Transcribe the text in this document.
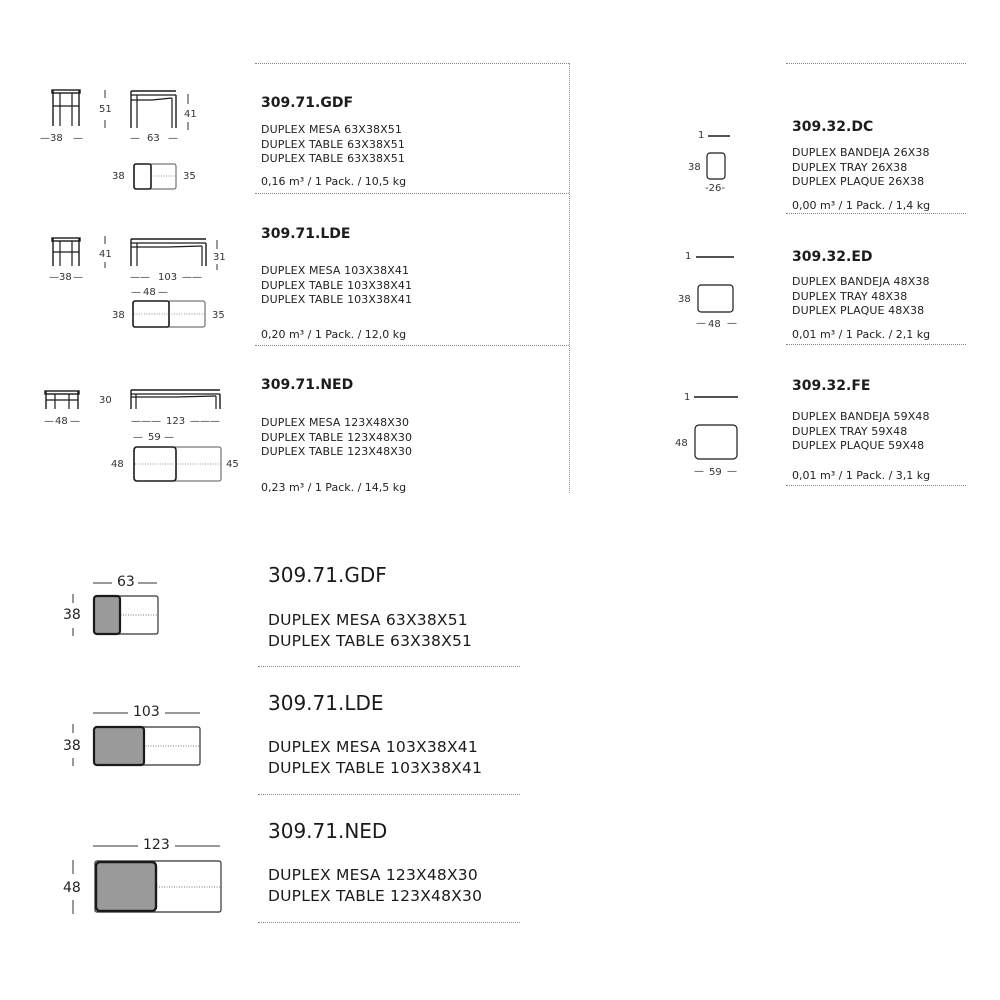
38
— —
51
63
—	—
41
38	35
309.71.GDF
DUPLEX MESA 63X38X51
DUPLEX TABLE 63X38X51
DUPLEX TABLE 63X38X51
0,16 m³ / 1 Pack. / 10,5 kg
38
— —
41
103
——	——
31
48
— —
38	35
309.71.LDE
DUPLEX MESA 103X38X41
DUPLEX TABLE 103X38X41
DUPLEX TABLE 103X38X41
0,20 m³ / 1 Pack. / 12,0 kg
48
— —
30
123
———	———
59
— —
48	45
309.71.NED
DUPLEX MESA 123X48X30
DUPLEX TABLE 123X48X30
DUPLEX TABLE 123X48X30
0,23 m³ / 1 Pack. / 14,5 kg
1
38
-26-
309.32.DC
DUPLEX BANDEJA 26X38
DUPLEX TRAY 26X38
DUPLEX PLAQUE 26X38
0,00 m³ / 1 Pack. / 1,4 kg
1
38
48
— —
309.32.ED
DUPLEX BANDEJA 48X38
DUPLEX TRAY 48X38
DUPLEX PLAQUE 48X38
0,01 m³ / 1 Pack. / 2,1 kg
1
48
59
— —
309.32.FE
DUPLEX BANDEJA 59X48
DUPLEX TRAY 59X48
DUPLEX PLAQUE 59X48
0,01 m³ / 1 Pack. / 3,1 kg
63
38
309.71.GDF
DUPLEX MESA 63X38X51
DUPLEX TABLE 63X38X51
103
38
309.71.LDE
DUPLEX MESA 103X38X41
DUPLEX TABLE 103X38X41
123
48
309.71.NED
DUPLEX MESA 123X48X30
DUPLEX TABLE 123X48X30
